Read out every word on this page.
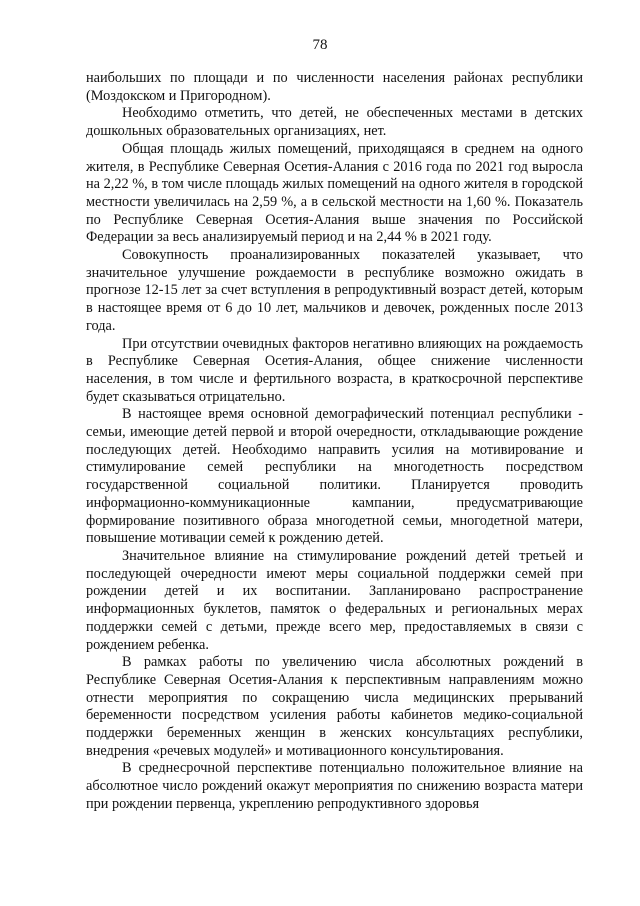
78

наибольших по площади и по численности населения районах республики (Моздокском и Пригородном).

Необходимо отметить, что детей, не обеспеченных местами в детских дошкольных образовательных организациях, нет.

Общая площадь жилых помещений, приходящаяся в среднем на одного жителя, в Республике Северная Осетия-Алания с 2016 года по 2021 год выросла на 2,22 %, в том числе площадь жилых помещений на одного жителя в городской местности увеличилась на 2,59 %, а в сельской местности на 1,60 %. Показатель по Республике Северная Осетия-Алания выше значения по Российской Федерации за весь анализируемый период и на 2,44 % в 2021 году.

Совокупность проанализированных показателей указывает, что значительное улучшение рождаемости в республике возможно ожидать в прогнозе 12-15 лет за счет вступления в репродуктивный возраст детей, которым в настоящее время от 6 до 10 лет, мальчиков и девочек, рожденных после 2013 года.

При отсутствии очевидных факторов негативно влияющих на рождаемость в Республике Северная Осетия-Алания, общее снижение численности населения, в том числе и фертильного возраста, в краткосрочной перспективе будет сказываться отрицательно.

В настоящее время основной демографический потенциал республики - семьи, имеющие детей первой и второй очередности, откладывающие рождение последующих детей. Необходимо направить усилия на мотивирование и стимулирование семей республики на многодетность посредством государственной социальной политики. Планируется проводить информационно-коммуникационные кампании, предусматривающие формирование позитивного образа многодетной семьи, многодетной матери, повышение мотивации семей к рождению детей.

Значительное влияние на стимулирование рождений детей третьей и последующей очередности имеют меры социальной поддержки семей при рождении детей и их воспитании. Запланировано распространение информационных буклетов, памяток о федеральных и региональных мерах поддержки семей с детьми, прежде всего мер, предоставляемых в связи с рождением ребенка.

В рамках работы по увеличению числа абсолютных рождений в Республике Северная Осетия-Алания к перспективным направлениям можно отнести мероприятия по сокращению числа медицинских прерываний беременности посредством усиления работы кабинетов медико-социальной поддержки беременных женщин в женских консультациях республики, внедрения «речевых модулей» и мотивационного консультирования.

В среднесрочной перспективе потенциально положительное влияние на абсолютное число рождений окажут мероприятия по снижению возраста матери при рождении первенца, укреплению репродуктивного здоровья
